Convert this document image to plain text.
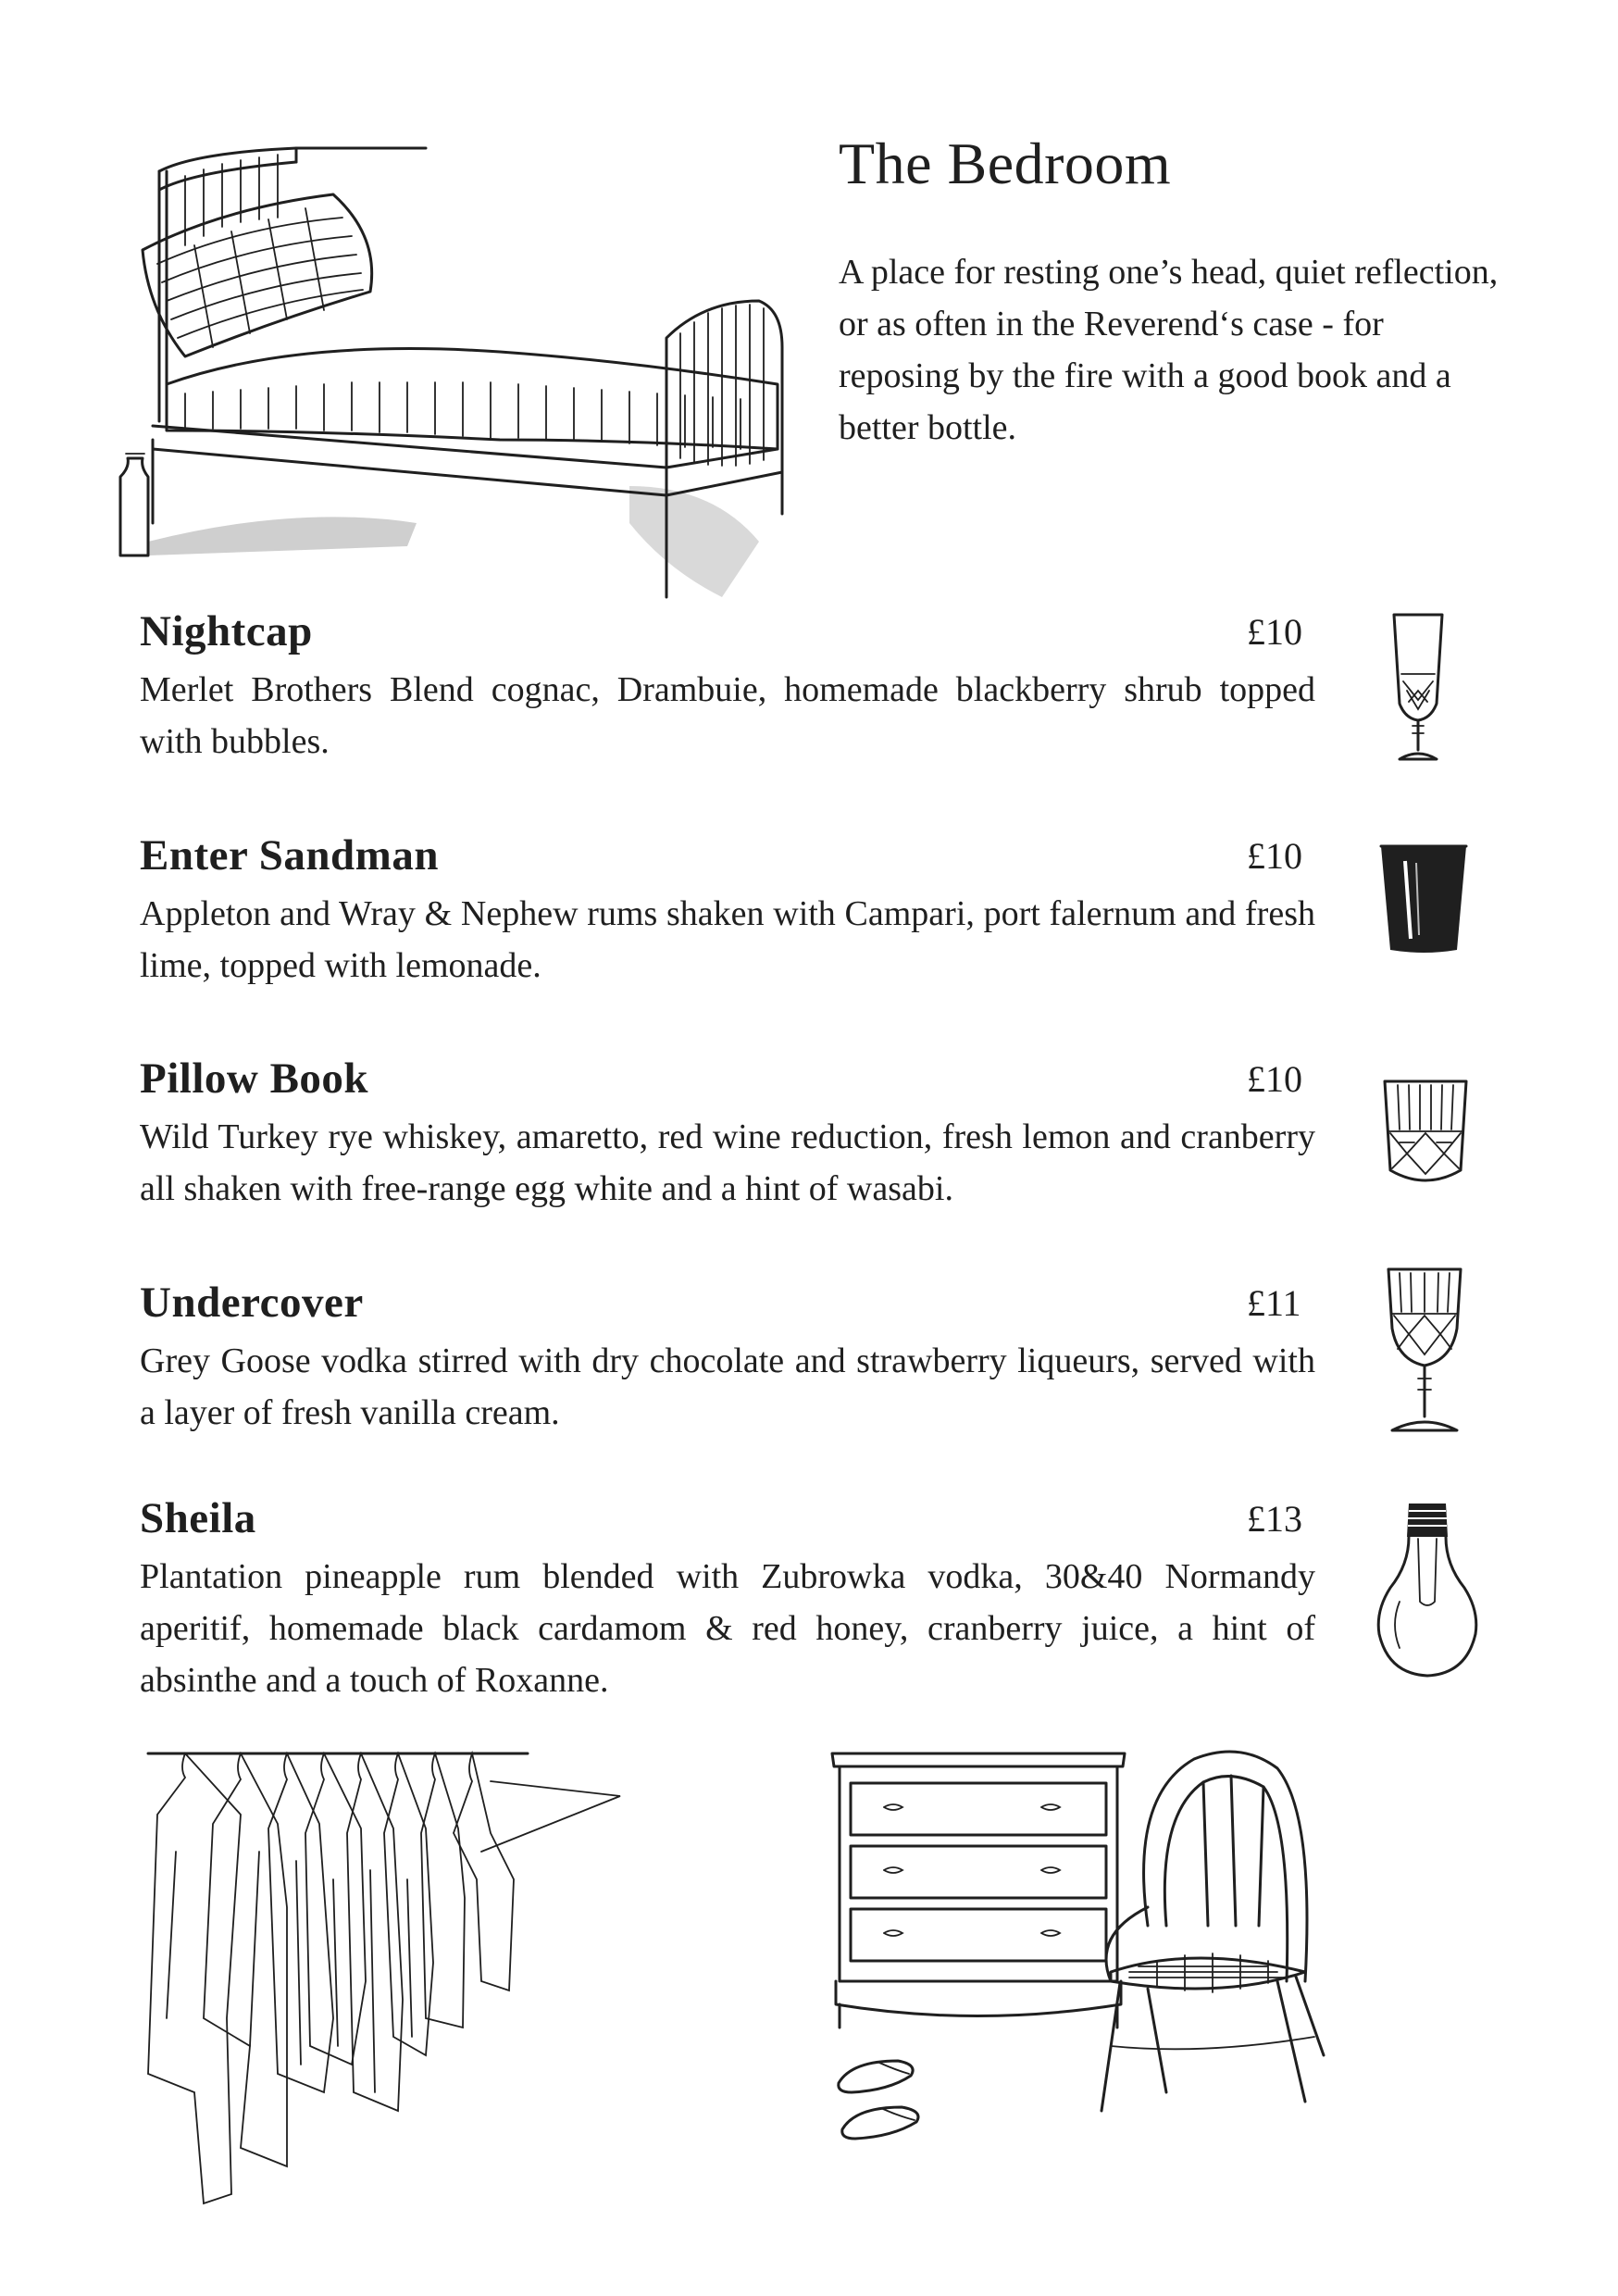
The Bedroom
A place for resting one’s head, quiet reflection, or as often in the Reverend‘s case - for reposing by the fire with a good book and a better bottle.
Nightcap	£10

Merlet Brothers Blend cognac, Drambuie, homemade blackberry shrub topped with bubbles.

Enter Sandman	£10

Appleton and Wray & Nephew rums shaken with Campari, port falernum and fresh lime, topped with lemonade.

Pillow Book	£10

Wild Turkey rye whiskey, amaretto, red wine reduction, fresh lemon and cranberry all shaken with free-range egg white and a hint of wasabi.

Undercover	£11

Grey Goose vodka stirred with dry chocolate and strawberry liqueurs, served with a layer of fresh vanilla cream.

Sheila	£13

Plantation pineapple rum blended with Zubrowka vodka, 30&40 Normandy aperitif, homemade black cardamom & red honey, cranberry juice, a hint of absinthe and a touch of Roxanne.
